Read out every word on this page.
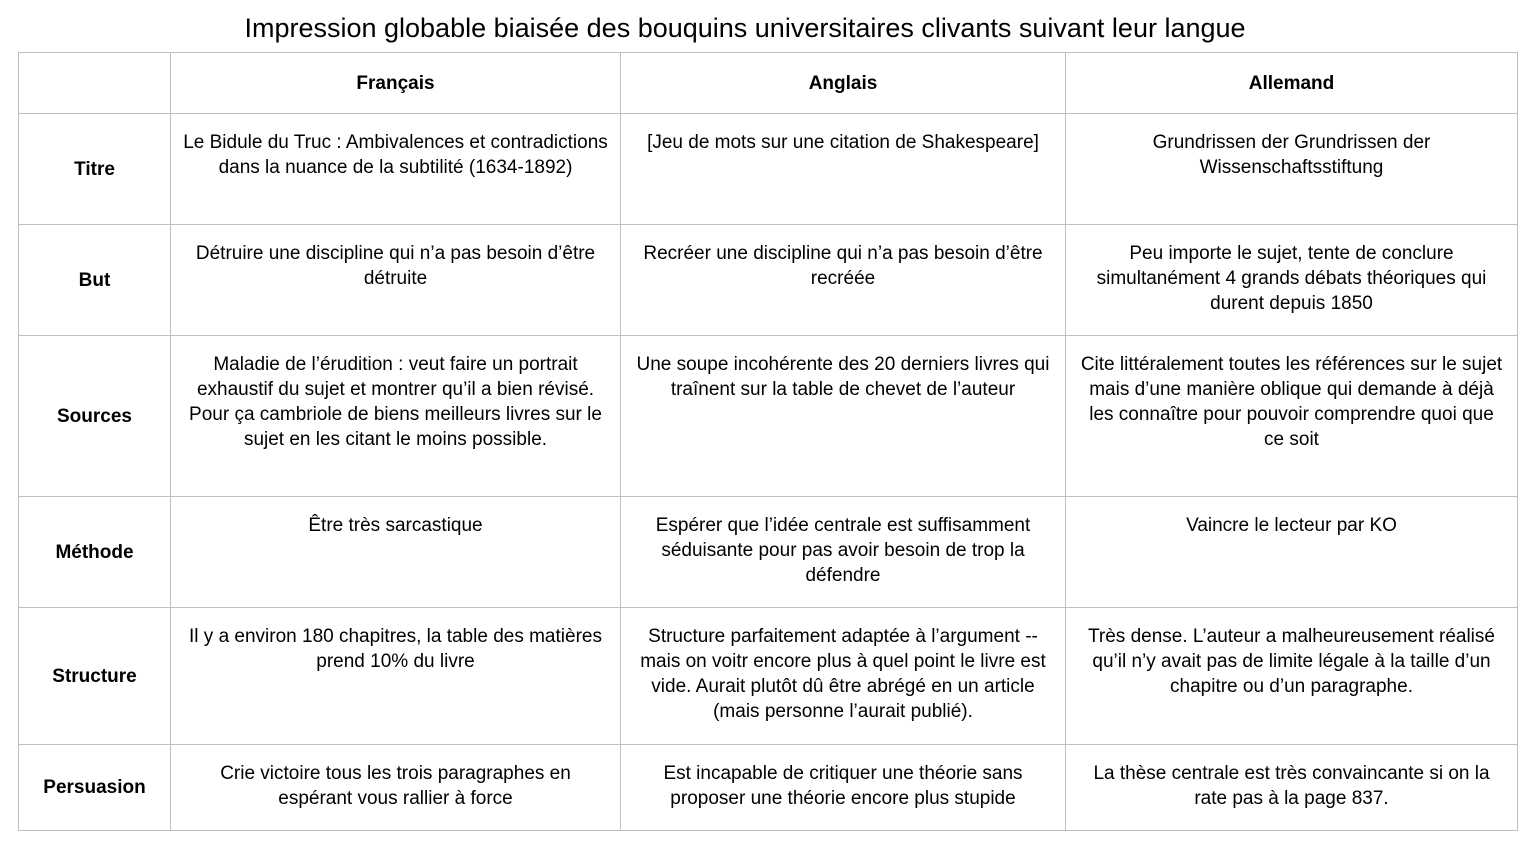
Impression globable biaisée des bouquins universitaires clivants suivant leur langue
	Français	Anglais	Allemand
Titre	Le Bidule du Truc : Ambivalences et contradictions dans la nuance de la subtilité (1634-1892)	[Jeu de mots sur une citation de Shakespeare]	Grundrissen der Grundrissen der Wissenschaftsstiftung
But	Détruire une discipline qui n’a pas besoin d’être détruite	Recréer une discipline qui n’a pas besoin d’être recréée	Peu importe le sujet, tente de conclure simultanément 4 grands débats théoriques qui durent depuis 1850
Sources	Maladie de l’érudition : veut faire un portrait exhaustif du sujet et montrer qu’il a bien révisé. Pour ça cambriole de biens meilleurs livres sur le sujet en les citant le moins possible.	Une soupe incohérente des 20 derniers livres qui traînent sur la table de chevet de l’auteur	Cite littéralement toutes les références sur le sujet mais d’une manière oblique qui demande à déjà les connaître pour pouvoir comprendre quoi que ce soit
Méthode	Être très sarcastique	Espérer que l’idée centrale est suffisamment séduisante pour pas avoir besoin de trop la défendre	Vaincre le lecteur par KO
Structure	Il y a environ 180 chapitres, la table des matières prend 10% du livre	Structure parfaitement adaptée à l’argument -- mais on voitr encore plus à quel point le livre est vide. Aurait plutôt dû être abrégé en un article (mais personne l’aurait publié).	Très dense. L’auteur a malheureusement réalisé qu’il n’y avait pas de limite légale à la taille d’un chapitre ou d’un paragraphe.
Persuasion	Crie victoire tous les trois paragraphes en espérant vous rallier à force	Est incapable de critiquer une théorie sans proposer une théorie encore plus stupide	La thèse centrale est très convaincante si on la rate pas à la page 837.
